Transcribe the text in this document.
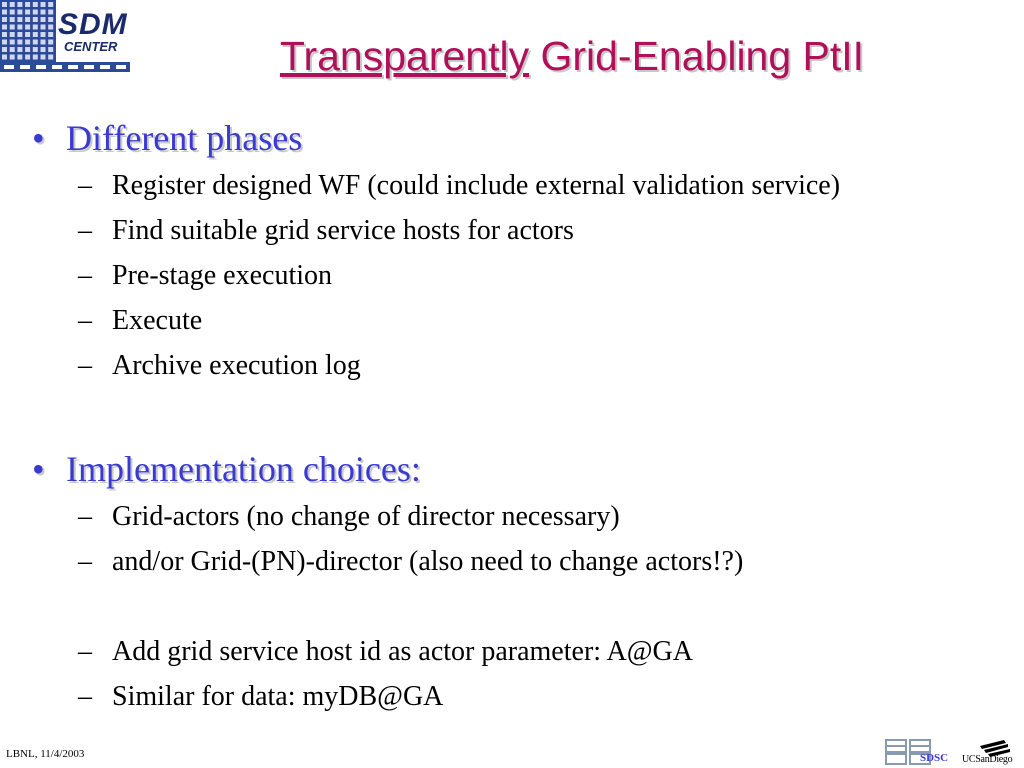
SDM
CENTER	Transparently Grid-Enabling PtII
• Different phases
– Register designed WF (could include external validation service)
– Find suitable grid service hosts for actors
– Pre-stage execution
– Execute
– Archive execution log
• Implementation choices:
– Grid-actors (no change of director necessary)
– and/or Grid-(PN)-director (also need to change actors!?)
– Add grid service host id as actor parameter: A@GA
– Similar for data: myDB@GA
LBNL, 11/4/2003	SDSC UCSanDiego
